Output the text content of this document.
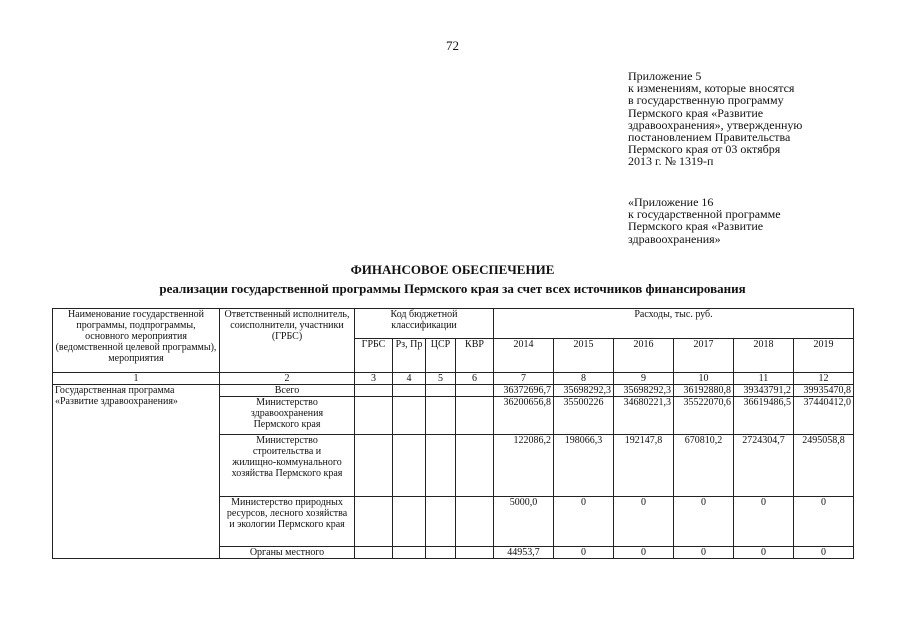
72
Приложение 5
к изменениям, которые вносятся
в государственную программу
Пермского края «Развитие
здравоохранения», утвержденную
постановлением Правительства
Пермского края от 03 октября
2013 г. № 1319-п
«Приложение 16
к государственной программе
Пермского края «Развитие
здравоохранения»
ФИНАНСОВОЕ ОБЕСПЕЧЕНИЕ
реализации государственной программы Пермского края за счет всех источников финансирования
Наименование государственной программы, подпрограммы, основного мероприятия (ведомственной целевой программы), мероприятия	Ответственный исполнитель, соисполнители, участники (ГРБС)	Код бюджетной классификации				Расходы, тыс. руб.					
		ГРБС	Рз, Пр	ЦСР	КВР	2014	2015	2016	2017	2018	2019
1	2	3	4	5	6	7	8	9	10	11	12
Государственная программа «Развитие здравоохранения»	Всего					36372696,7	35698292,3	35698292,3	36192880,8	39343791,2	39935470,8
	Министерство здравоохранения Пермского края					36200656,8	35500226	34680221,3	35522070,6	36619486,5	37440412,0
	Министерство строительства и жилищно-коммунального хозяйства Пермского края					122086,2	198066,3	192147,8	670810,2	2724304,7	2495058,8
	Министерство природных ресурсов, лесного хозяйства и экологии Пермского края					5000,0	0	0	0	0	0
	Органы местного					44953,7	0	0	0	0	0
